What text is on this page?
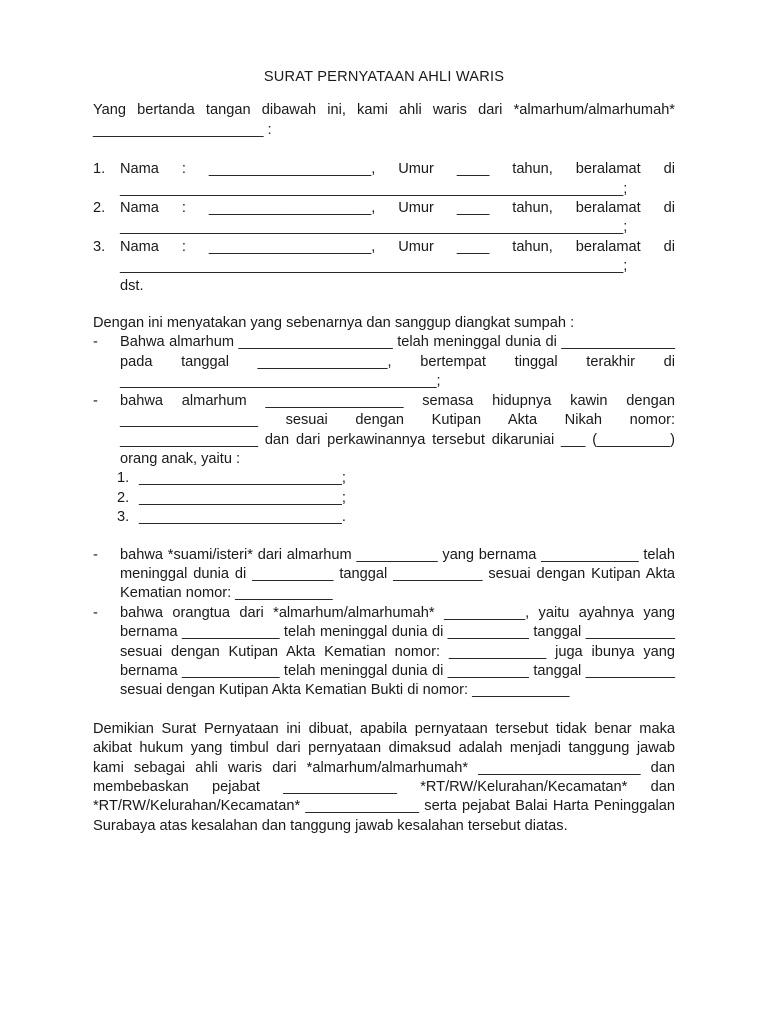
SURAT PERNYATAAN AHLI WARIS

Yang bertanda tangan dibawah ini, kami ahli waris dari *almarhum/almarhumah* _____________________ :

1. Nama : ____________________, Umur ____ tahun, beralamat di ______________________________________________________________;
2. Nama : ____________________, Umur ____ tahun, beralamat di ______________________________________________________________;
3. Nama : ____________________, Umur ____ tahun, beralamat di ______________________________________________________________;
dst.

Dengan ini menyatakan yang sebenarnya dan sanggup diangkat sumpah :

- Bahwa almarhum ___________________ telah meninggal dunia di ______________ pada tanggal ________________, bertempat tinggal terakhir di _______________________________________;
- bahwa almarhum _________________ semasa hidupnya kawin dengan _________________ sesuai dengan Kutipan Akta Nikah nomor: _________________ dan dari perkawinannya tersebut dikaruniai ___ (_________) orang anak, yaitu :
1. _________________________;
2. _________________________;
3. _________________________.
- bahwa *suami/isteri* dari almarhum __________ yang bernama ____________ telah meninggal dunia di __________ tanggal ___________ sesuai dengan Kutipan Akta Kematian nomor: ____________
- bahwa orangtua dari *almarhum/almarhumah* __________, yaitu ayahnya yang bernama ____________ telah meninggal dunia di __________ tanggal ___________ sesuai dengan Kutipan Akta Kematian nomor: ____________ juga ibunya yang bernama ____________ telah meninggal dunia di __________ tanggal ___________ sesuai dengan Kutipan Akta Kematian Bukti di nomor: ____________

Demikian Surat Pernyataan ini dibuat, apabila pernyataan tersebut tidak benar maka akibat hukum yang timbul dari pernyataan dimaksud adalah menjadi tanggung jawab kami sebagai ahli waris dari *almarhum/almarhumah* ____________________ dan membebaskan pejabat ______________ *RT/RW/Kelurahan/Kecamatan* dan *RT/RW/Kelurahan/Kecamatan* ______________ serta pejabat Balai Harta Peninggalan Surabaya atas kesalahan dan tanggung jawab kesalahan tersebut diatas.
